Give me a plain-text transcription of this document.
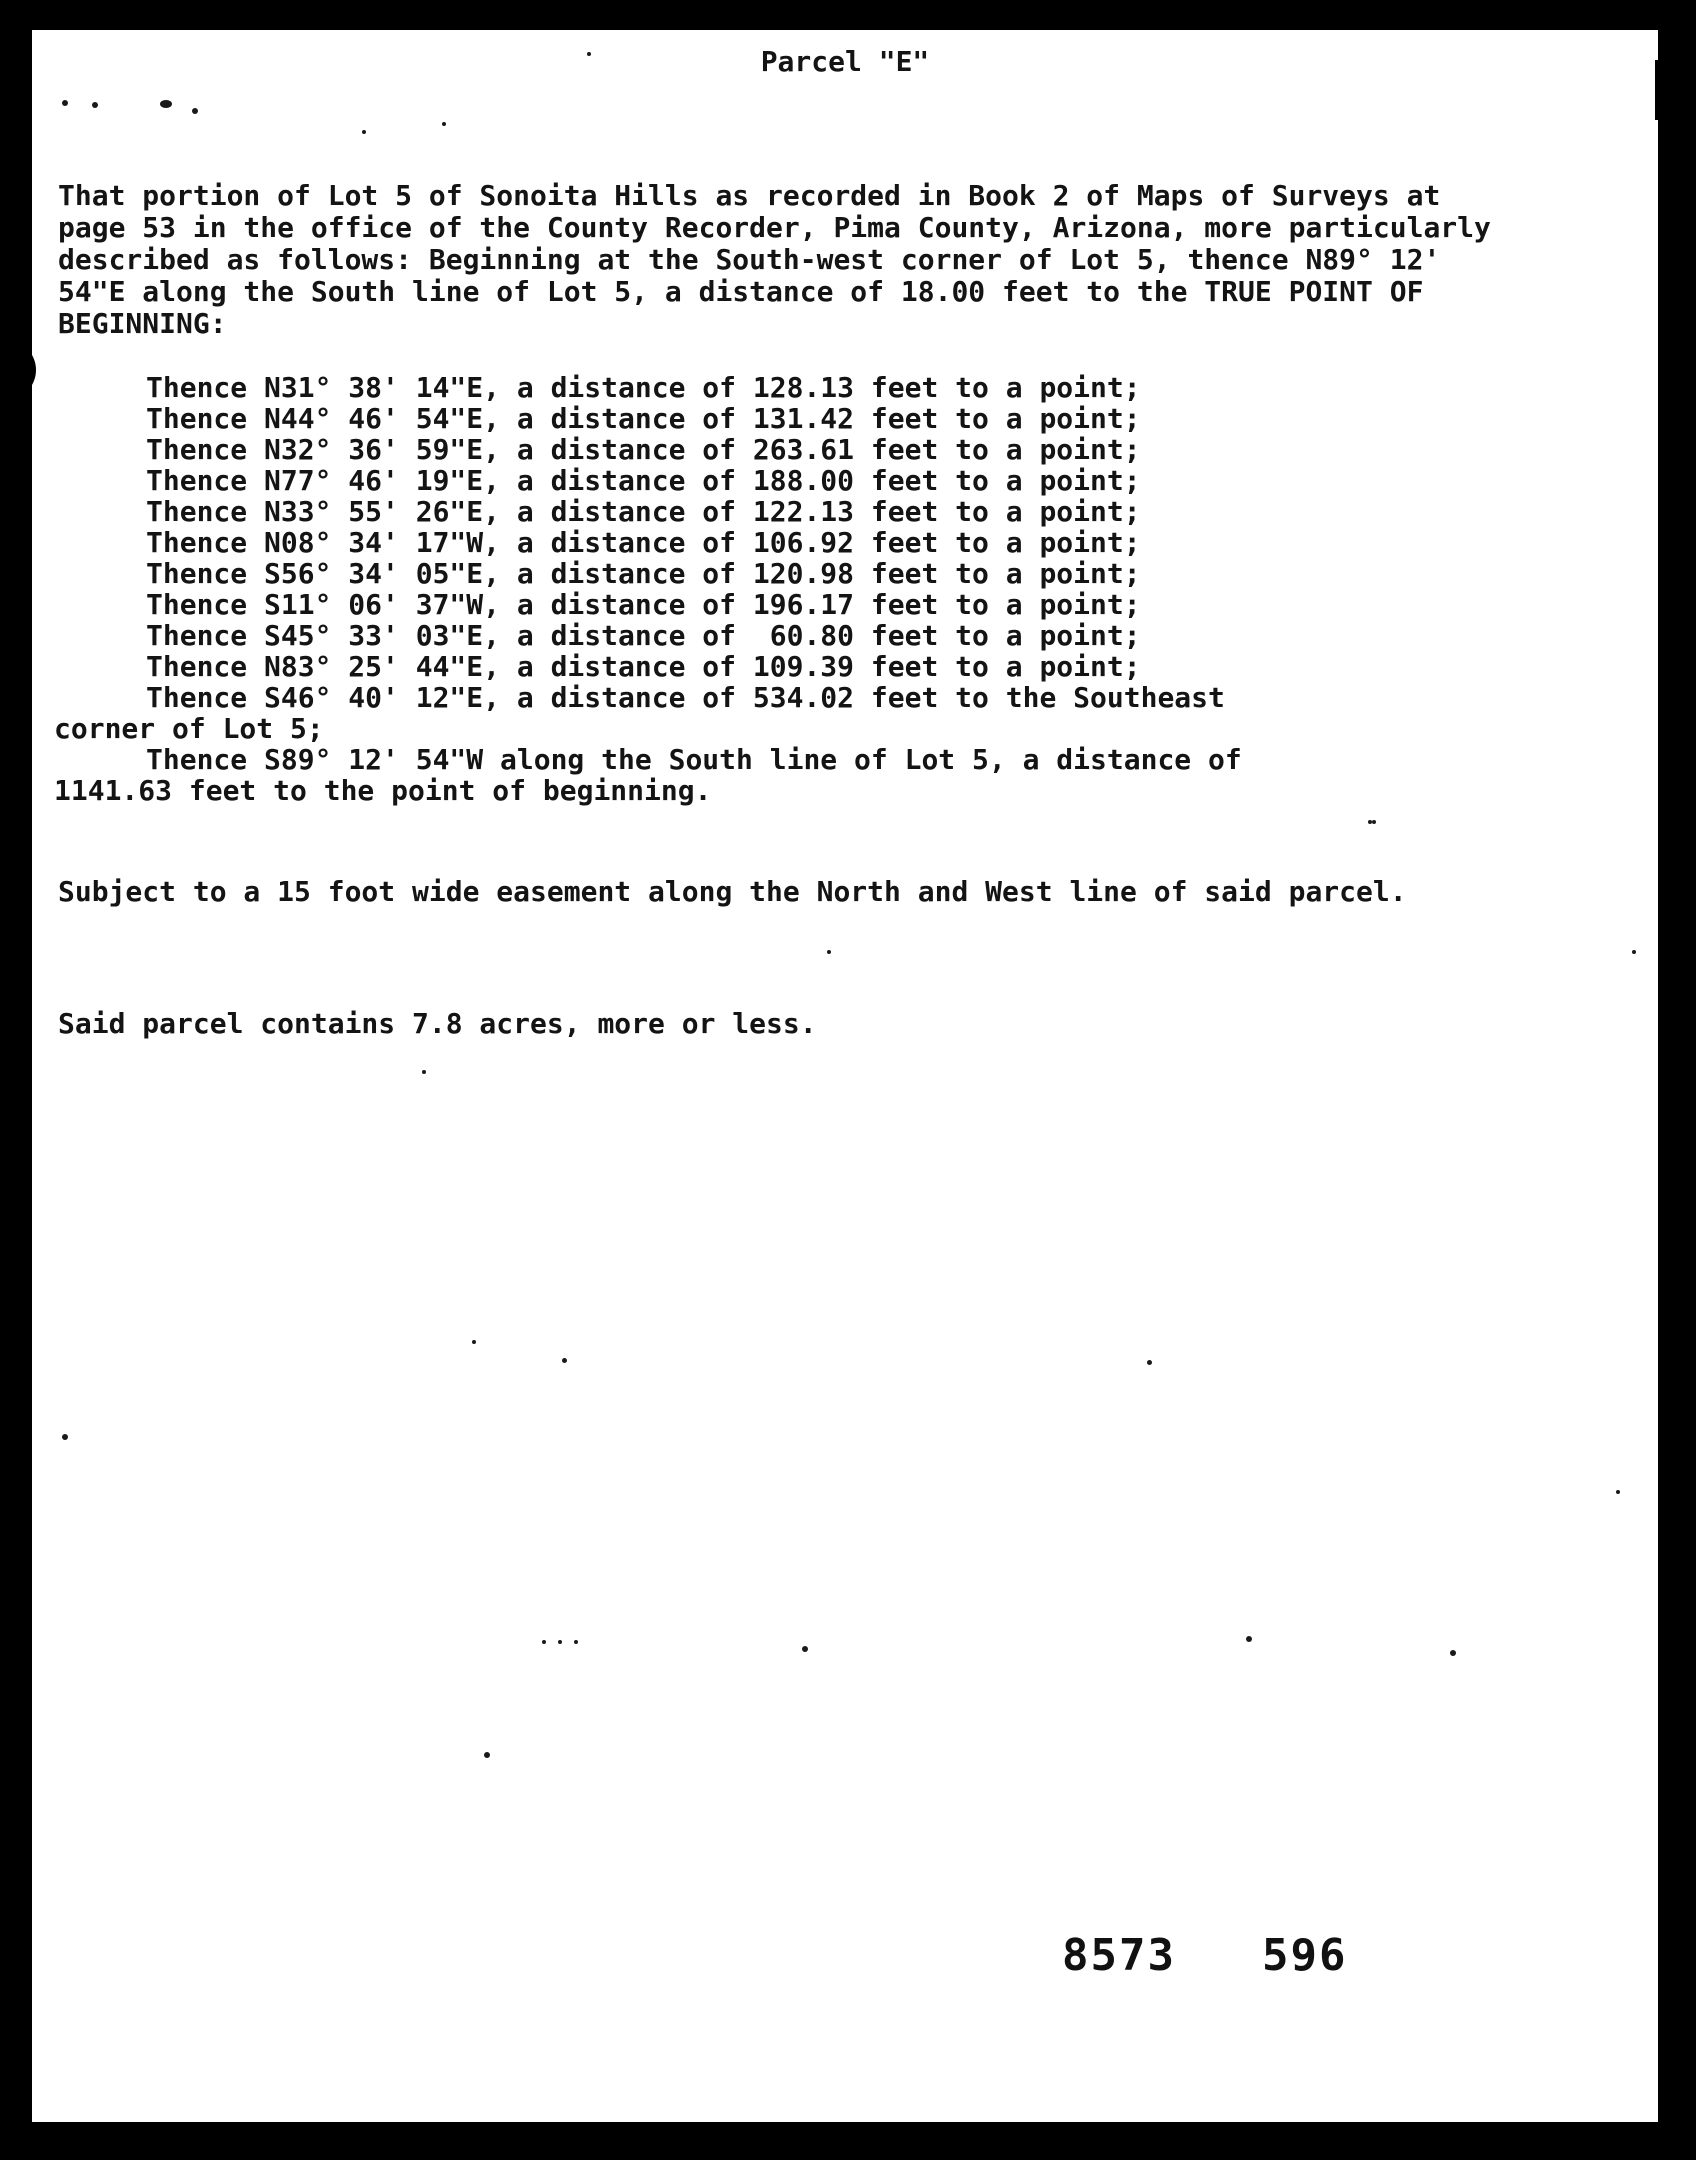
Parcel "E"

That portion of Lot 5 of Sonoita Hills as recorded in Book 2 of Maps of Surveys at page 53 in the office of the County Recorder, Pima County, Arizona, more particularly described as follows: Beginning at the South-west corner of Lot 5, thence N89° 12' 54"E along the South line of Lot 5, a distance of 18.00 feet to the TRUE POINT OF BEGINNING:

Thence N31° 38' 14"E, a distance of 128.13 feet to a point;
Thence N44° 46' 54"E, a distance of 131.42 feet to a point;
Thence N32° 36' 59"E, a distance of 263.61 feet to a point;
Thence N77° 46' 19"E, a distance of 188.00 feet to a point;
Thence N33° 55' 26"E, a distance of 122.13 feet to a point;
Thence N08° 34' 17"W, a distance of 106.92 feet to a point;
Thence S56° 34' 05"E, a distance of 120.98 feet to a point;
Thence S11° 06' 37"W, a distance of 196.17 feet to a point;
Thence S45° 33' 03"E, a distance of  60.80 feet to a point;
Thence N83° 25' 44"E, a distance of 109.39 feet to a point;
Thence S46° 40' 12"E, a distance of 534.02 feet to the Southeast
corner of Lot 5;
Thence S89° 12' 54"W along the South line of Lot 5, a distance of
1141.63 feet to the point of beginning.

Subject to a 15 foot wide easement along the North and West line of said parcel.

Said parcel contains 7.8 acres, more or less.

8573 596
